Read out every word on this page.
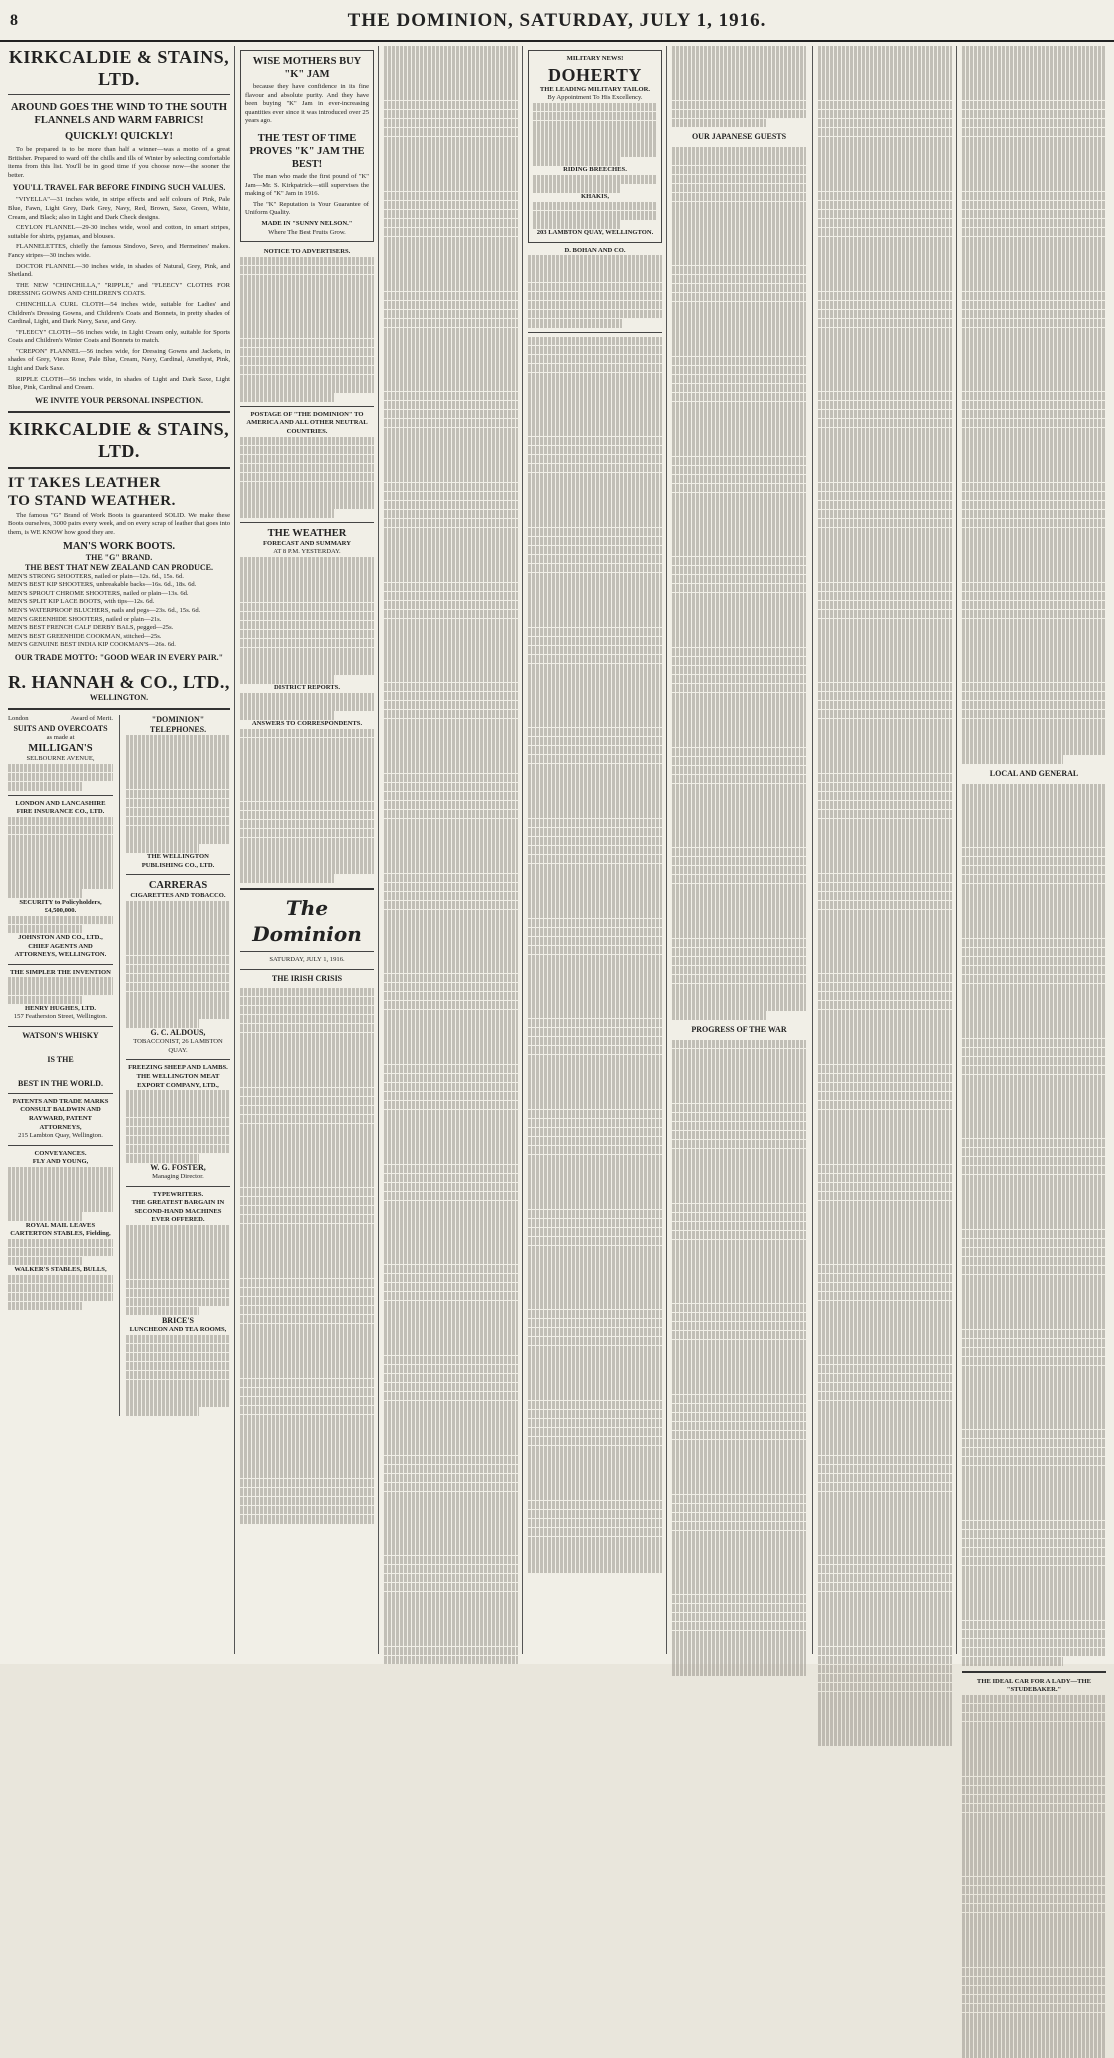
8	THE DOMINION, SATURDAY, JULY 1, 1916.
KIRKCALDIE & STAINS, LTD.
AROUND GOES THE WIND TO THE SOUTH FLANNELS AND WARM FABRICS!
QUICKLY! QUICKLY!

To be prepared is to be more than half a winner—was a motto of a great Britisher. Prepared to ward off the chills and ills of Winter by selecting comfortable items from this list. You'll be in good time if you choose now—the sooner the better.

YOU'LL TRAVEL FAR BEFORE FINDING SUCH VALUES.

"VIYELLA"—31 inches wide, in stripe effects and self colours of Pink, Pale Blue, Fawn, Light Grey, Dark Grey, Navy, Red, Brown, Saxe, Green, White, Cream, and Black; also in Light and Dark Check designs.

CEYLON FLANNEL—29-30 inches wide, wool and cotton, in smart stripes, suitable for shirts, pyjamas, and blouses.

FLANNELETTES, chiefly the famous Sindovo, Sevo, and Hermeines' makes. Fancy stripes—30 inches wide.

DOCTOR FLANNEL—30 inches wide, in shades of Natural, Grey, Pink, and Shetland.

THE NEW "CHINCHILLA," "RIPPLE," and "FLEECY" CLOTHS FOR DRESSING GOWNS AND CHILDREN'S COATS.

CHINCHILLA CURL CLOTH—54 inches wide, suitable for Ladies' and Children's Dressing Gowns, and Children's Coats and Bonnets, in pretty shades of Cardinal, Light, and Dark Navy, Saxe, and Grey.

"FLEECY" CLOTH—56 inches wide, in Light Cream only, suitable for Sports Coats and Children's Winter Coats and Bonnets to match.

"CREPON" FLANNEL—56 inches wide, for Dressing Gowns and Jackets, in shades of Grey, Vieux Rose, Pale Blue, Cream, Navy, Cardinal, Amethyst, Pink, Light and Dark Saxe.

RIPPLE CLOTH—56 inches wide, in shades of Light and Dark Saxe, Light Blue, Pink, Cardinal and Cream.

WE INVITE YOUR PERSONAL INSPECTION.
KIRKCALDIE & STAINS, LTD.
IT TAKES LEATHER
TO STAND WEATHER.

The famous "G" Brand of Work Boots is guaranteed SOLID. We make these Boots ourselves, 3000 pairs every week, and on every scrap of leather that goes into them, is WE KNOW how good they are.

MAN'S WORK BOOTS.
THE "G" BRAND.
THE BEST THAT NEW ZEALAND CAN PRODUCE.
MEN'S STRONG SHOOTERS, nailed or plain—12s. 6d., 15s. 6d.
MEN'S BEST KIP SHOOTERS, unbreakable backs—16s. 6d., 18s. 6d.
MEN'S SPROUT CHROME SHOOTERS, nailed or plain—13s. 6d.
MEN'S SPLIT KIP LACE BOOTS, with tips—12s. 6d.
MEN'S WATERPROOF BLUCHERS, nails and pegs—23s. 6d., 15s. 6d.
MEN'S GREENHIDE SHOOTERS, nailed or plain—21s.
MEN'S BEST FRENCH CALF DERBY BALS, pegged—25s.
MEN'S BEST GREENHIDE COOKMAN, stitched—25s.
MEN'S GENUINE BEST INDIA KIP COOKMAN'S—26s. 6d.
OUR TRADE MOTTO: "GOOD WEAR IN EVERY PAIR."
R. HANNAH & CO., LTD.,
WELLINGTON.
London	Award of Merit.
SUITS AND OVERCOATS
as made at
MILLIGAN'S
SELBOURNE AVENUE,
LONDON AND LANCASHIRE FIRE INSURANCE CO., LTD.
SECURITY to Policyholders, £4,500,000.
JOHNSTON AND CO., LTD., CHIEF AGENTS AND ATTORNEYS, WELLINGTON.
THE SIMPLER THE INVENTION
HENRY HUGHES, LTD.
157 Featherston Street, Wellington.
WATSON'S WHISKY
IS THE
BEST IN THE WORLD.
PATENTS AND TRADE MARKS CONSULT BALDWIN AND RAYWARD, PATENT ATTORNEYS,
215 Lambton Quay, Wellington.
CONVEYANCES.
FLY AND YOUNG,
ROYAL MAIL LEAVES CARTERTON STABLES, Fielding,
WALKER'S STABLES, BULLS,
"DOMINION" TELEPHONES.
THE WELLINGTON PUBLISHING CO., LTD.
CARRERAS
CIGARETTES AND TOBACCO.
G. C. ALDOUS,
TOBACCONIST, 26 LAMBTON QUAY.
FREEZING SHEEP AND LAMBS.
THE WELLINGTON MEAT EXPORT COMPANY, LTD.,
W. G. FOSTER,
Managing Director.
TYPEWRITERS.
THE GREATEST BARGAIN IN SECOND-HAND MACHINES EVER OFFERED.
BRICE'S
LUNCHEON AND TEA ROOMS,
WISE MOTHERS BUY "K" JAM

because they have confidence in its fine flavour and absolute purity. And they have been buying "K" Jam in ever-increasing quantities ever since it was introduced over 25 years ago.

THE TEST OF TIME PROVES "K" JAM THE BEST!

The man who made the first pound of "K" Jam—Mr. S. Kirkpatrick—still supervises the making of "K" Jam in 1916.

The "K" Reputation is Your Guarantee of Uniform Quality.

MADE IN "SUNNY NELSON."
Where The Best Fruits Grow.
NOTICE TO ADVERTISERS.
POSTAGE OF "THE DOMINION" TO AMERICA AND ALL OTHER NEUTRAL COUNTRIES.
THE WEATHER
FORECAST AND SUMMARY
AT 8 P.M. YESTERDAY.
DISTRICT REPORTS.
ANSWERS TO CORRESPONDENTS.
The Dominion
SATURDAY, JULY 1, 1916.
THE IRISH CRISIS
MILITARY NEWS!
DOHERTY
THE LEADING MILITARY TAILOR.
By Appointment To His Excellency.
RIDING BREECHES.
KHAKIS,
203 LAMBTON QUAY, WELLINGTON.
D. BOHAN AND CO.
OUR JAPANESE GUESTS
PROGRESS OF THE WAR
LOCAL AND GENERAL
THE IDEAL CAR FOR A LADY—THE "STUDEBAKER."
